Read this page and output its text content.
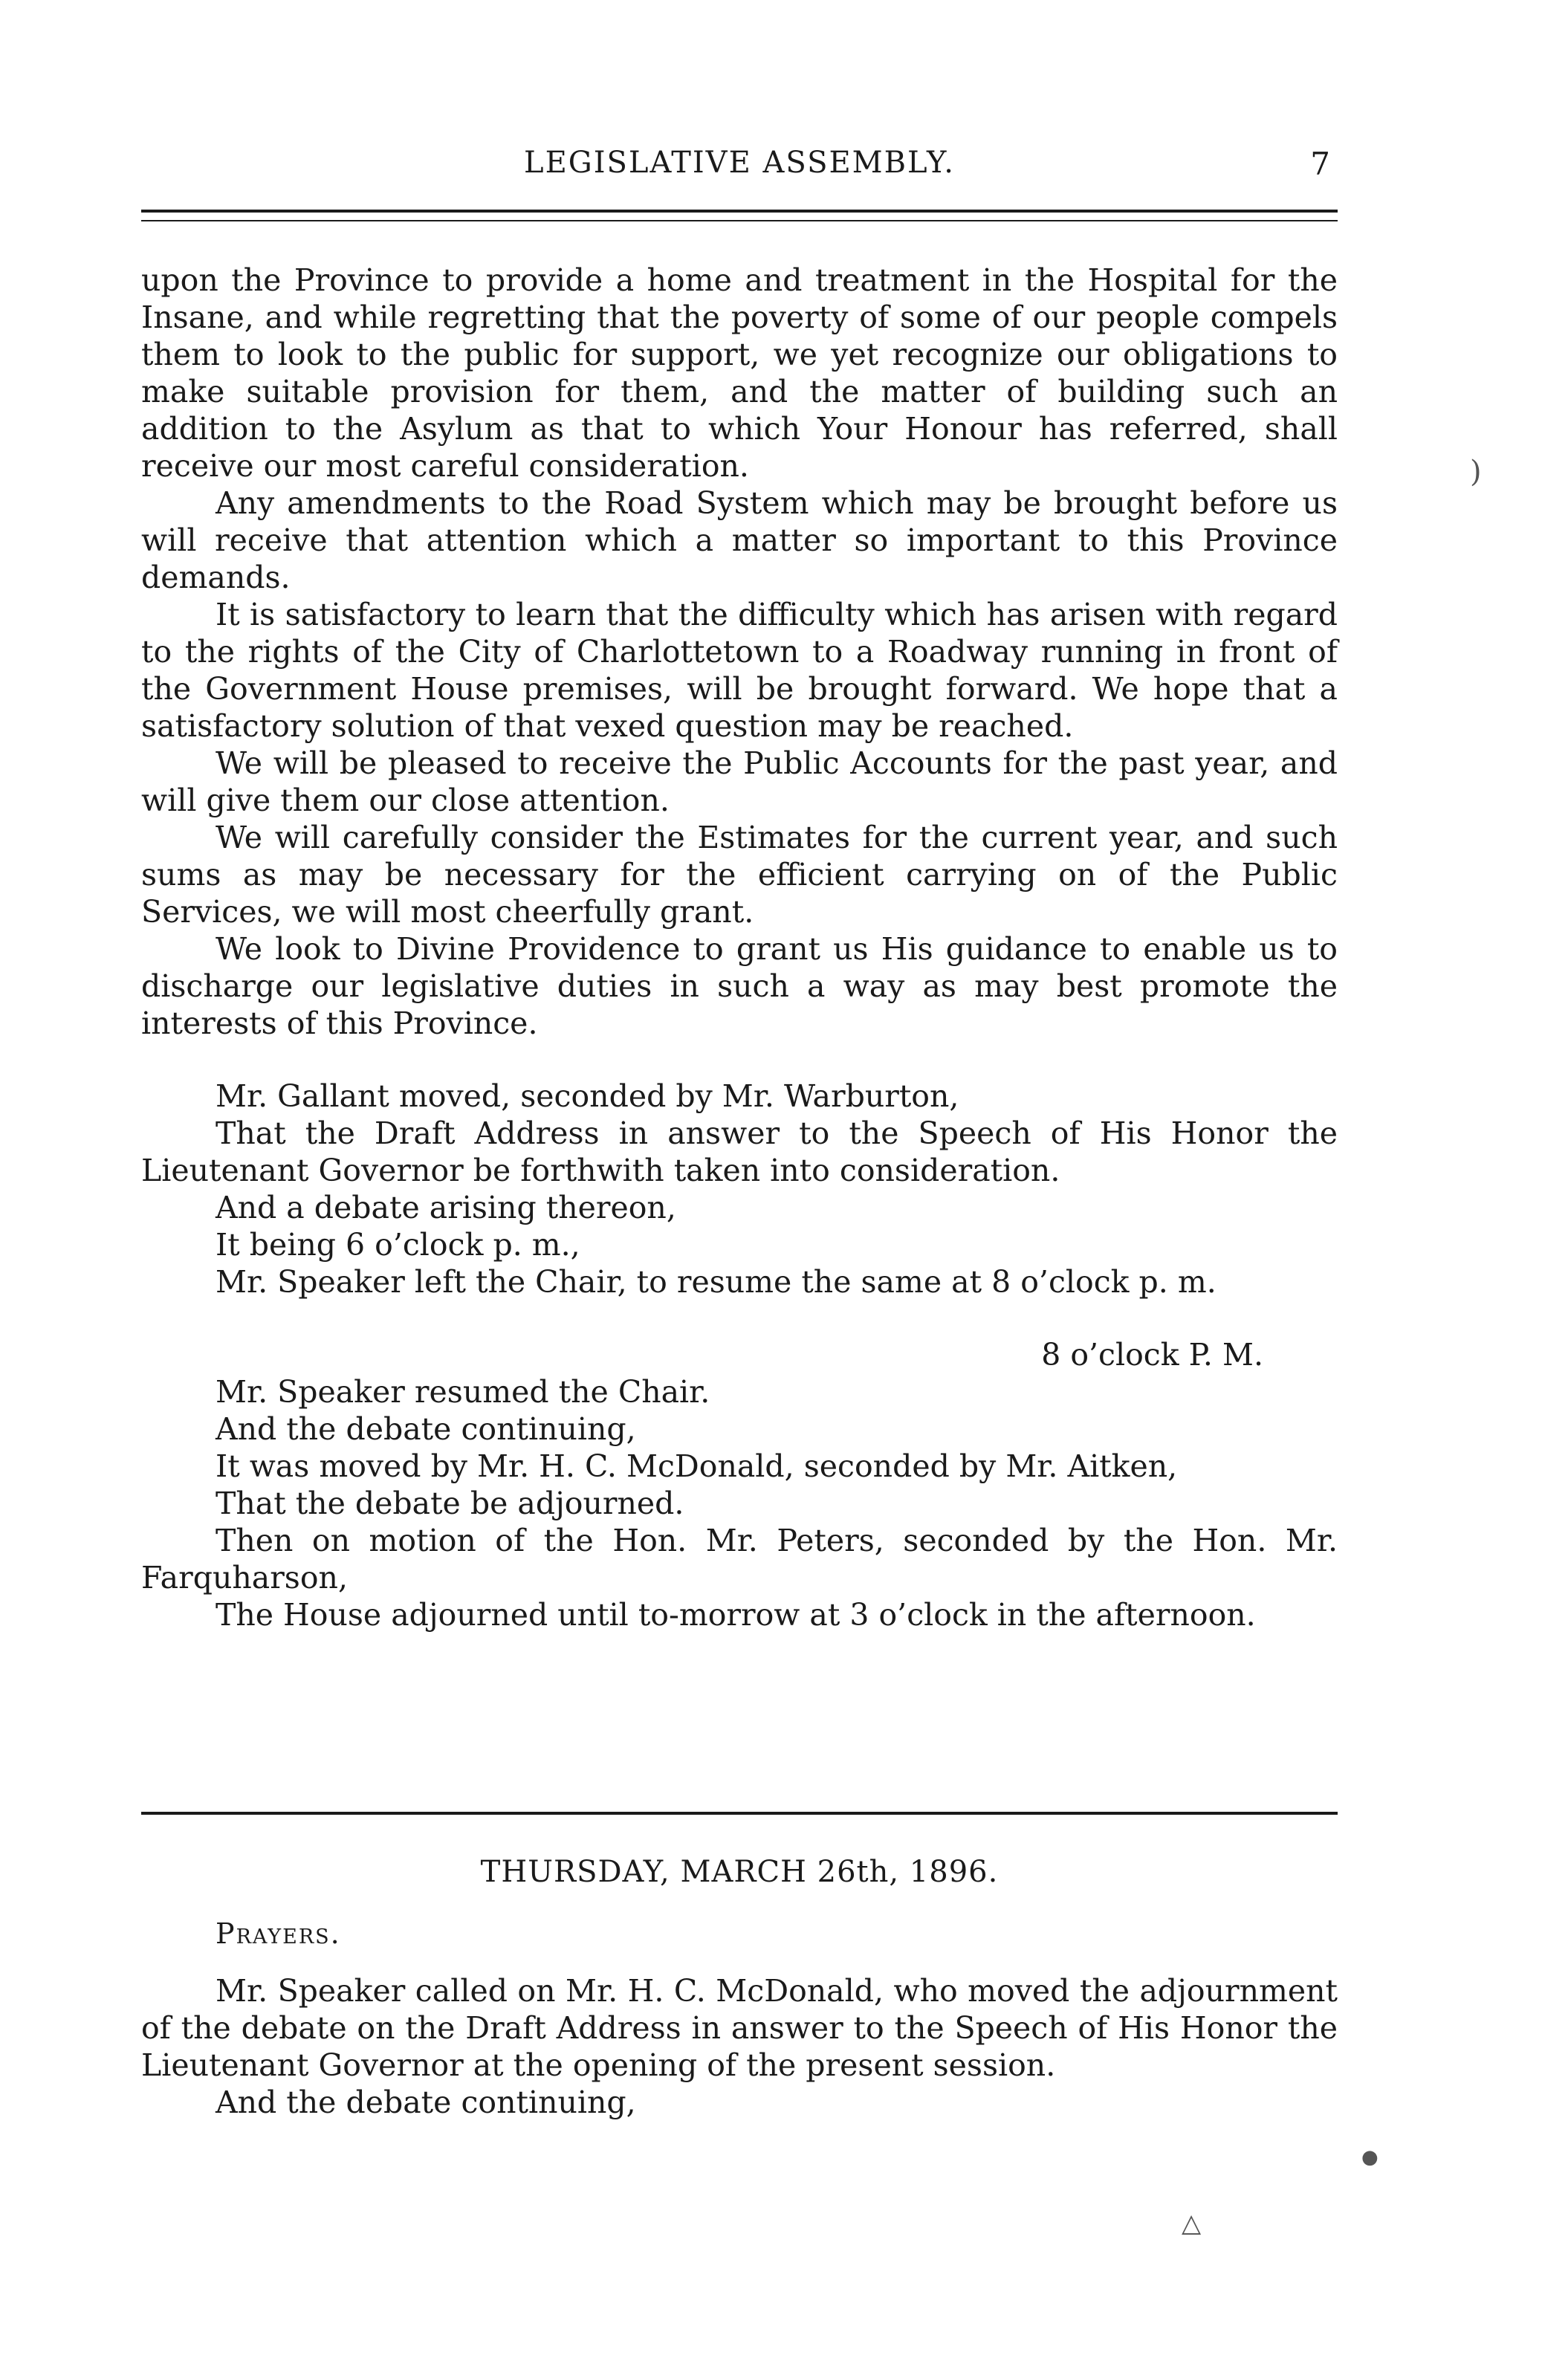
LEGISLATIVE ASSEMBLY.	7

upon the Province to provide a home and treatment in the Hospital for the Insane, and while regretting that the poverty of some of our people compels them to look to the public for support, we yet recognize our obligations to make suitable provision for them, and the matter of building such an addition to the Asylum as that to which Your Honour has referred, shall receive our most careful consideration.

Any amendments to the Road System which may be brought before us will receive that attention which a matter so important to this Province demands.

It is satisfactory to learn that the difficulty which has arisen with regard to the rights of the City of Charlottetown to a Roadway running in front of the Government House premises, will be brought forward. We hope that a satisfactory solution of that vexed question may be reached.

We will be pleased to receive the Public Accounts for the past year, and will give them our close attention.

We will carefully consider the Estimates for the current year, and such sums as may be necessary for the efficient carrying on of the Public Services, we will most cheerfully grant.

We look to Divine Providence to grant us His guidance to enable us to discharge our legislative duties in such a way as may best promote the interests of this Province.

Mr. Gallant moved, seconded by Mr. Warburton,

That the Draft Address in answer to the Speech of His Honor the Lieutenant Governor be forthwith taken into consideration.

And a debate arising thereon,

It being 6 o’clock p. m.,

Mr. Speaker left the Chair, to resume the same at 8 o’clock p. m.

8 o’clock P. M.

Mr. Speaker resumed the Chair.

And the debate continuing,

It was moved by Mr. H. C. McDonald, seconded by Mr. Aitken,

That the debate be adjourned.

Then on motion of the Hon. Mr. Peters, seconded by the Hon. Mr. Farquharson,

The House adjourned until to-morrow at 3 o’clock in the afternoon.

THURSDAY, MARCH 26th, 1896.
Prayers.

Mr. Speaker called on Mr. H. C. McDonald, who moved the adjournment of the debate on the Draft Address in answer to the Speech of His Honor the Lieutenant Governor at the opening of the present session.

And the debate continuing,

)
△
●
